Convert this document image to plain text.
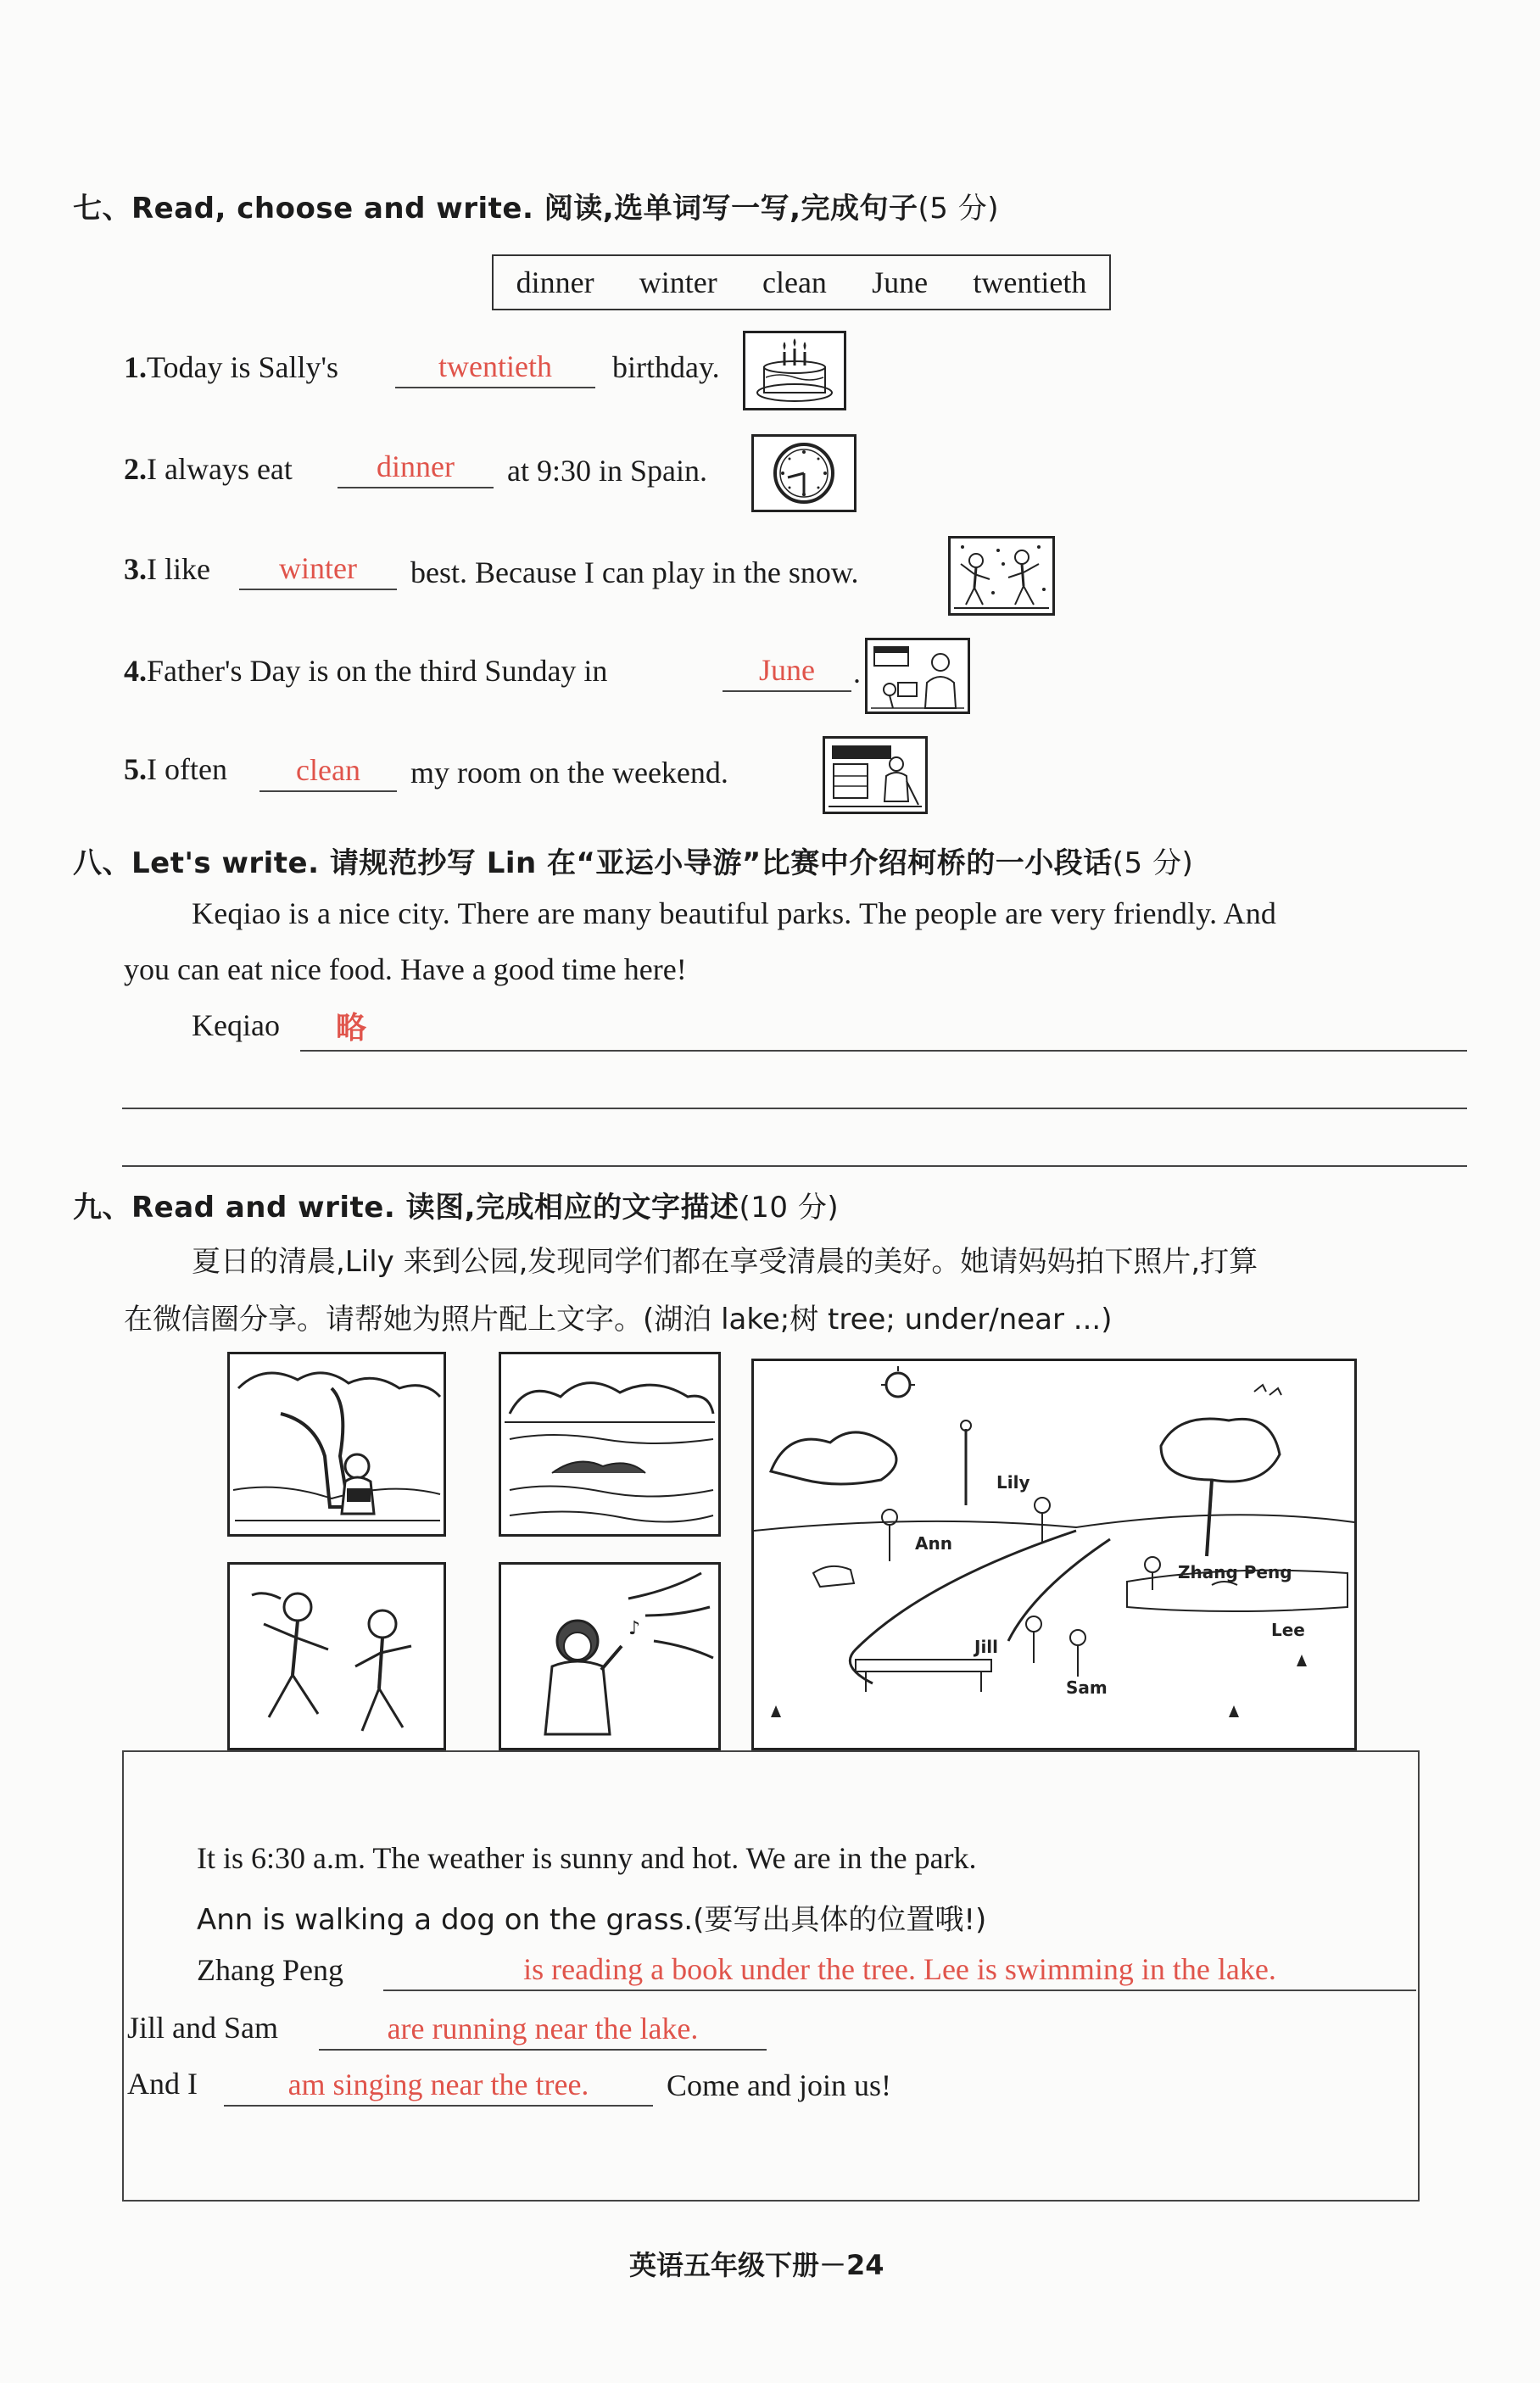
七、Read, choose and write. 阅读,选单词写一写,完成句子(5 分)
dinner winter clean June twentieth
1.Today is Sally's	twentieth	birthday.
2.I always eat	dinner	at 9:30 in Spain.
3.I like	winter	best. Because I can play in the snow.
4.Father's Day is on the third Sunday in	June	.
5.I often	clean	my room on the weekend.
八、Let's write. 请规范抄写 Lin 在“亚运小导游”比赛中介绍柯桥的一小段话(5 分)
Keqiao is a nice city. There are many beautiful parks. The people are very friendly. And
you can eat nice food. Have a good time here!
Keqiao 略
九、Read and write. 读图,完成相应的文字描述(10 分)
夏日的清晨,Lily 来到公园,发现同学们都在享受清晨的美好。她请妈妈拍下照片,打算
在微信圈分享。请帮她为照片配上文字。(湖泊 lake;树 tree; under/near ...)
♪
Lily
Ann
Zhang Peng
Jill
Sam
Lee
It is 6:30 a.m. The weather is sunny and hot. We are in the park.
Ann is walking a dog on the grass.(要写出具体的位置哦!)
Zhang Peng	is reading a book under the tree. Lee is swimming in the lake.
Jill and Sam	are running near the lake.
And I	am singing near the tree.	Come and join us!
英语五年级下册－24
